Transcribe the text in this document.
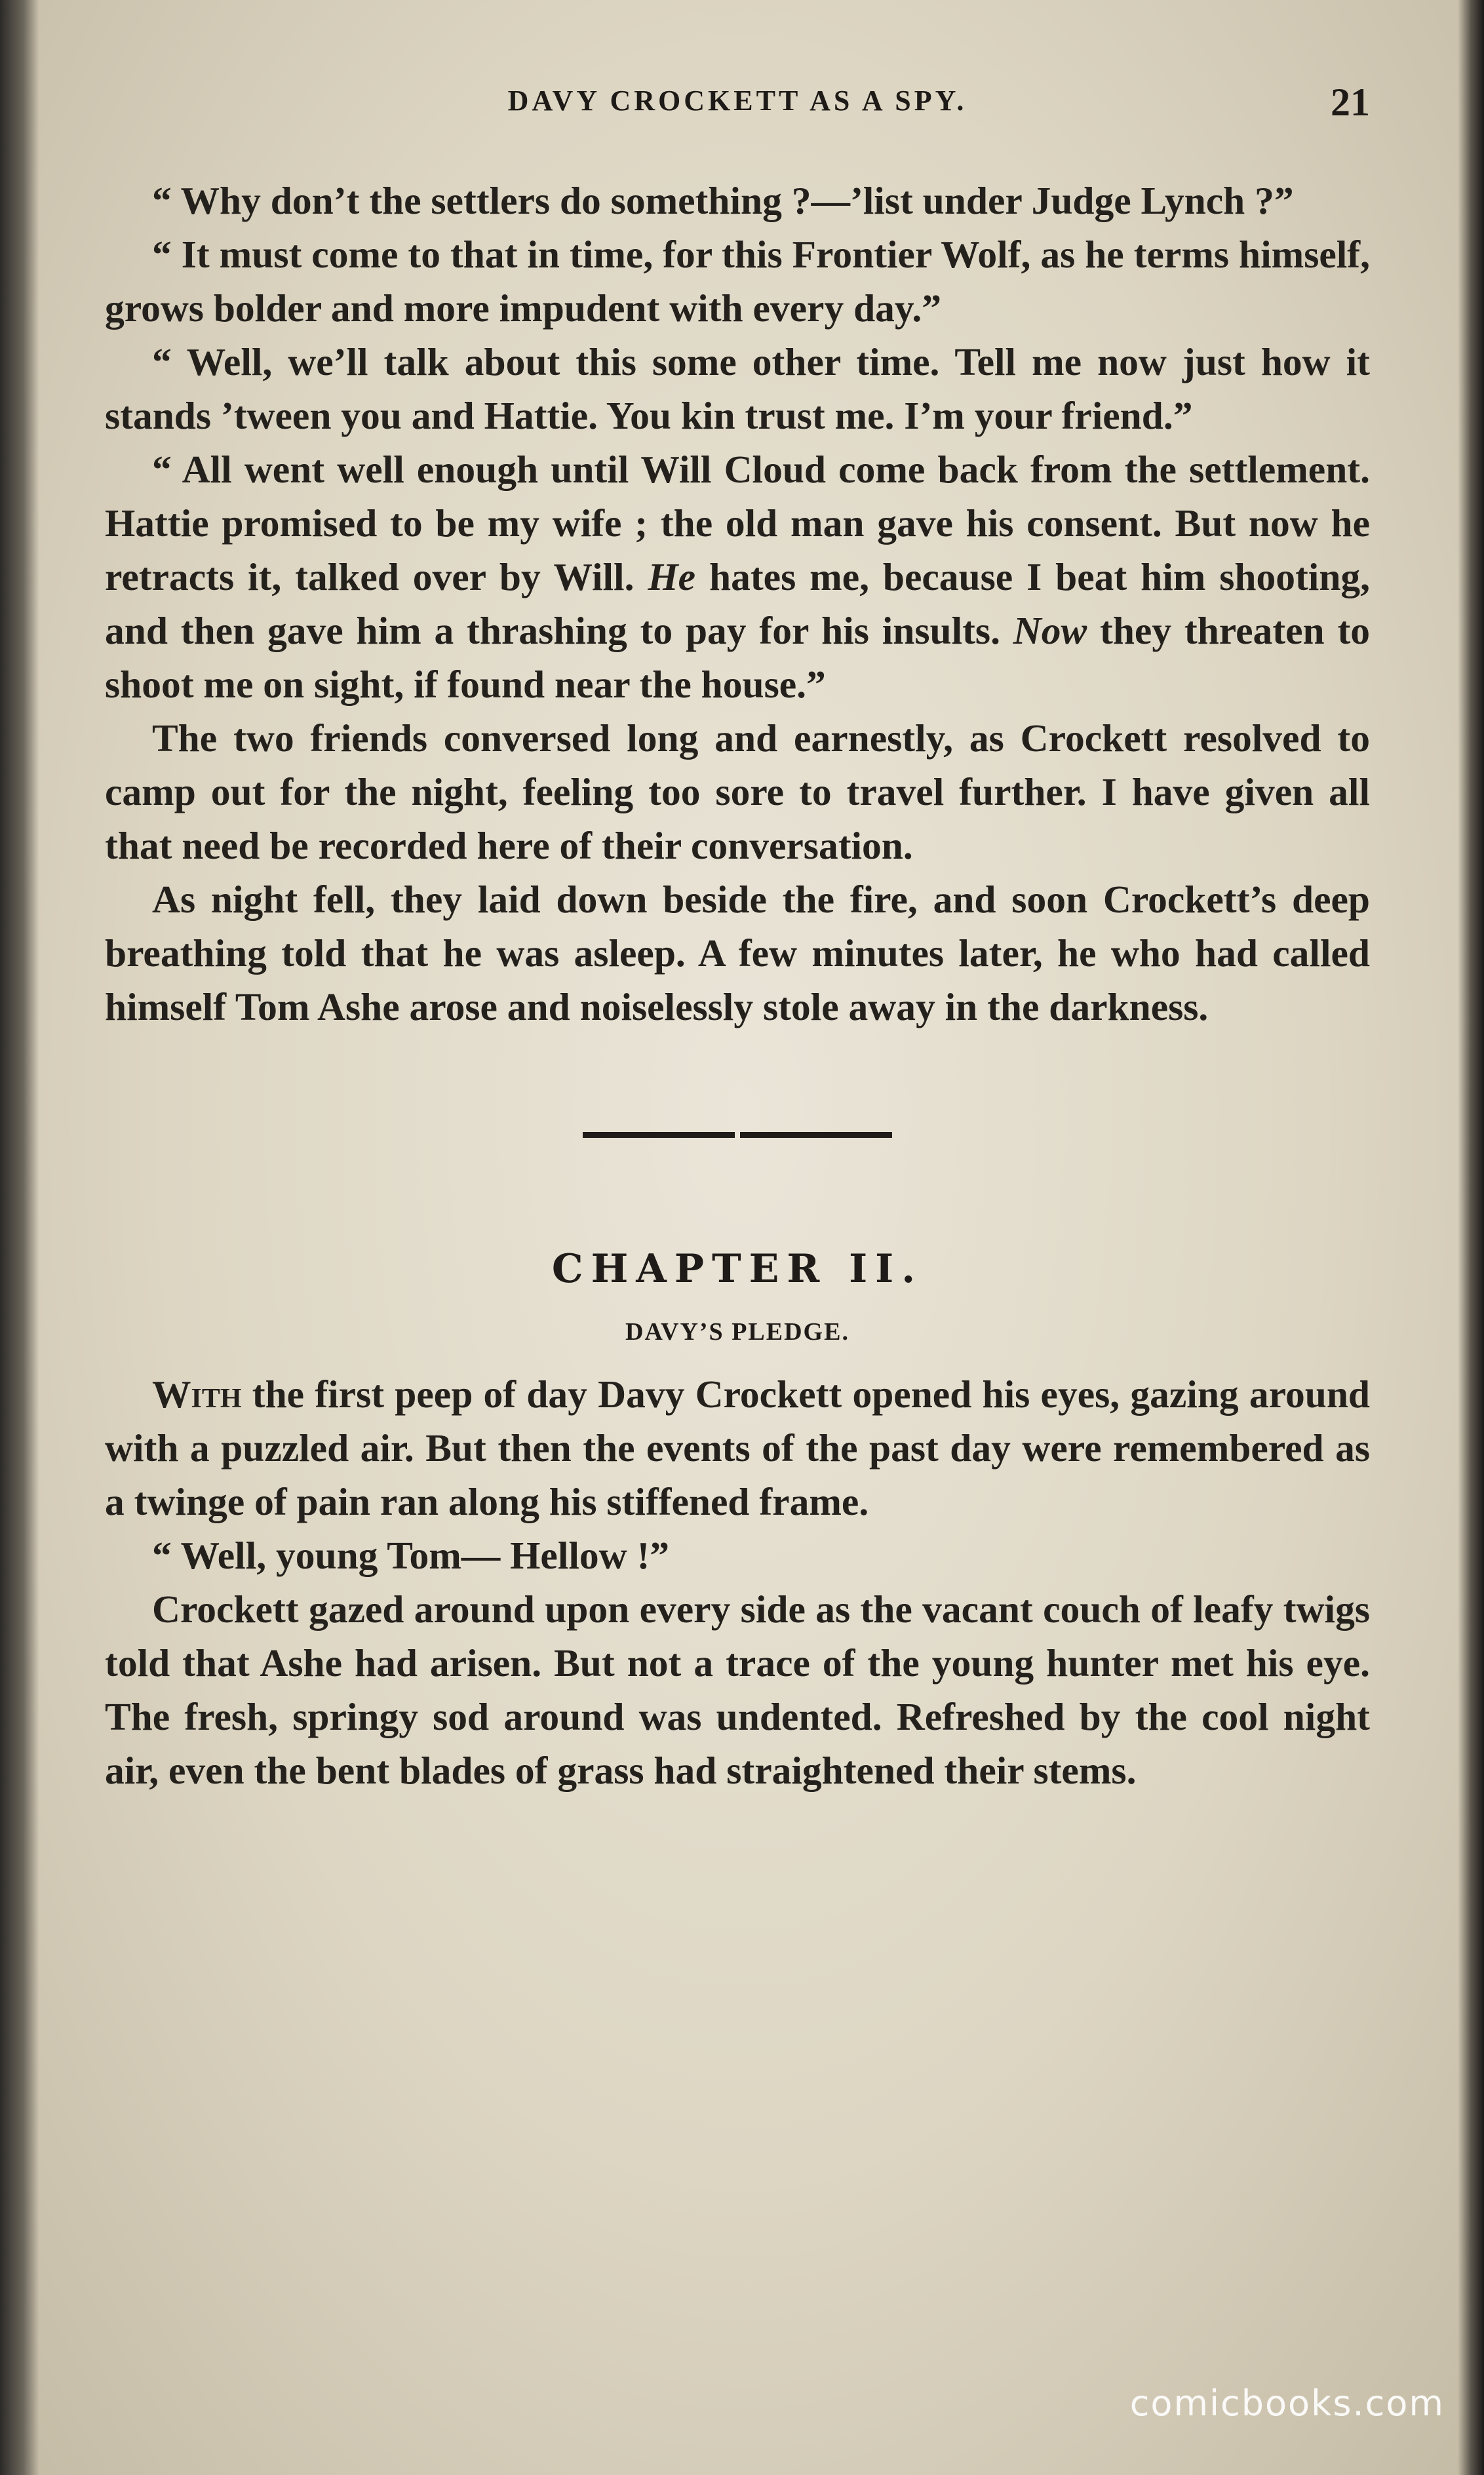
DAVY CROCKETT AS A SPY.	21

“ Why don’t the settlers do something ?—’list under Judge Lynch ?”

“ It must come to that in time, for this Frontier Wolf, as he terms himself, grows bolder and more impudent with every day.”

“ Well, we’ll talk about this some other time. Tell me now just how it stands ’tween you and Hattie. You kin trust me. I’m your friend.”

“ All went well enough until Will Cloud come back from the settlement. Hattie promised to be my wife ; the old man gave his consent. But now he retracts it, talked over by Will. He hates me, because I beat him shooting, and then gave him a thrashing to pay for his insults. Now they threaten to shoot me on sight, if found near the house.”

The two friends conversed long and earnestly, as Crockett resolved to camp out for the night, feeling too sore to travel further. I have given all that need be recorded here of their conversation.

As night fell, they laid down beside the fire, and soon Crockett’s deep breathing told that he was asleep. A few minutes later, he who had called himself Tom Ashe arose and noiselessly stole away in the darkness.

CHAPTER II.
DAVY’S PLEDGE.

With the first peep of day Davy Crockett opened his eyes, gazing around with a puzzled air. But then the events of the past day were remembered as a twinge of pain ran along his stiffened frame.

“ Well, young Tom— Hellow !”

Crockett gazed around upon every side as the vacant couch of leafy twigs told that Ashe had arisen. But not a trace of the young hunter met his eye. The fresh, springy sod around was undented. Refreshed by the cool night air, even the bent blades of grass had straightened their stems.

comicbooks.com
